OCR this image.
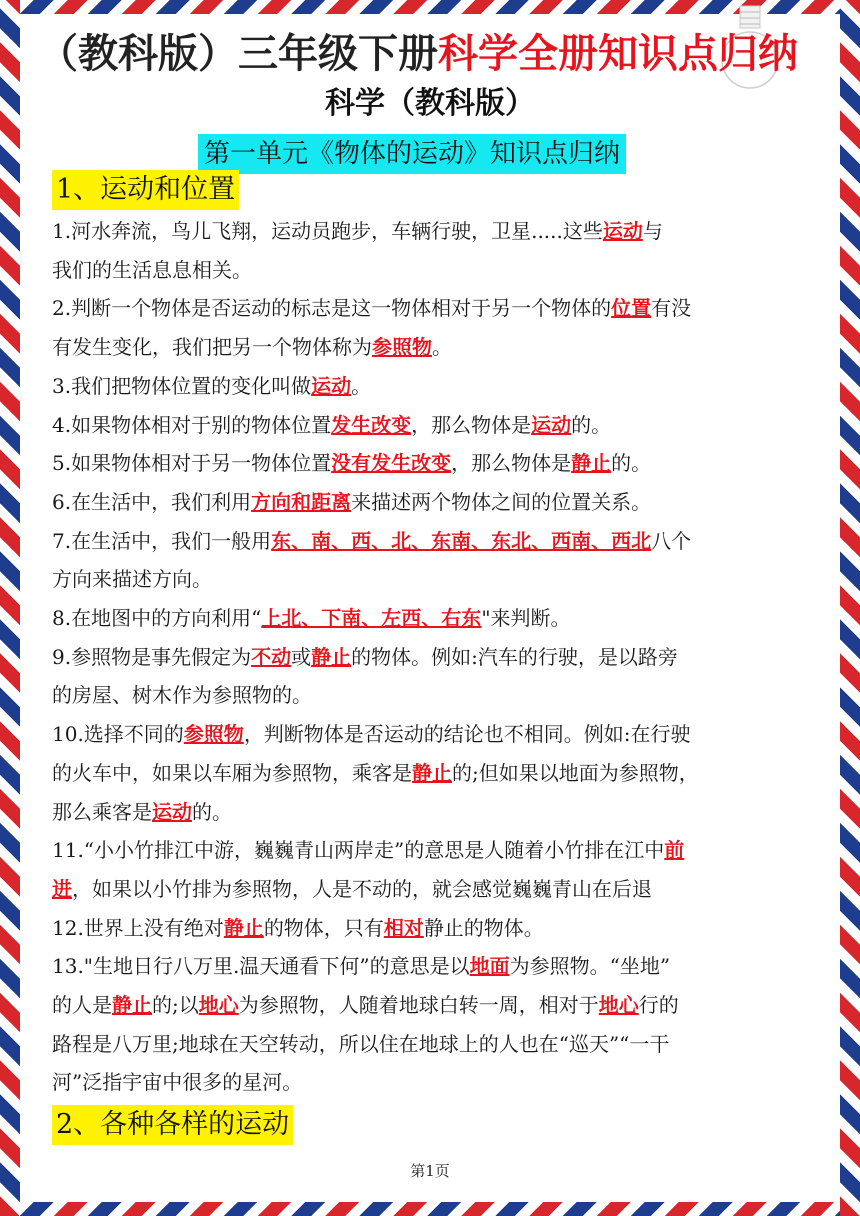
（教科版）三年级下册科学全册知识点归纳
科学（教科版）
第一单元《物体的运动》知识点归纳
1、运动和位置
1.河水奔流，鸟儿飞翔，运动员跑步，车辆行驶，卫星.....这些运动与
我们的生活息息相关。
2.判断一个物体是否运动的标志是这一物体相对于另一个物体的位置有没
有发生变化，我们把另一个物体称为参照物。
3.我们把物体位置的变化叫做运动。
4.如果物体相对于别的物体位置发生改变，那么物体是运动的。
5.如果物体相对于另一物体位置没有发生改变，那么物体是静止的。
6.在生活中，我们利用方向和距离来描述两个物体之间的位置关系。
7.在生活中，我们一般用东、南、西、北、东南、东北、西南、西北八个
方向来描述方向。
8.在地图中的方向利用“上北、下南、左西、右东"来判断。
9.参照物是事先假定为不动或静止的物体。例如:汽车的行驶，是以路旁
的房屋、树木作为参照物的。
10.选择不同的参照物，判断物体是否运动的结论也不相同。例如:在行驶
的火车中，如果以车厢为参照物，乘客是静止的;但如果以地面为参照物，
那么乘客是运动的。
11.“小小竹排江中游，巍巍青山两岸走”的意思是人随着小竹排在江中前
进，如果以小竹排为参照物，人是不动的，就会感觉巍巍青山在后退
12.世界上没有绝对静止的物体，只有相对静止的物体。
13."生地日行八万里.温天通看下何”的意思是以地面为参照物。“坐地”
的人是静止的;以地心为参照物，人随着地球白转一周，相对于地心行的
路程是八万里;地球在天空转动，所以住在地球上的人也在“巡天”“一干
河”泛指宇宙中很多的星河。
2、各种各样的运动
第1页
